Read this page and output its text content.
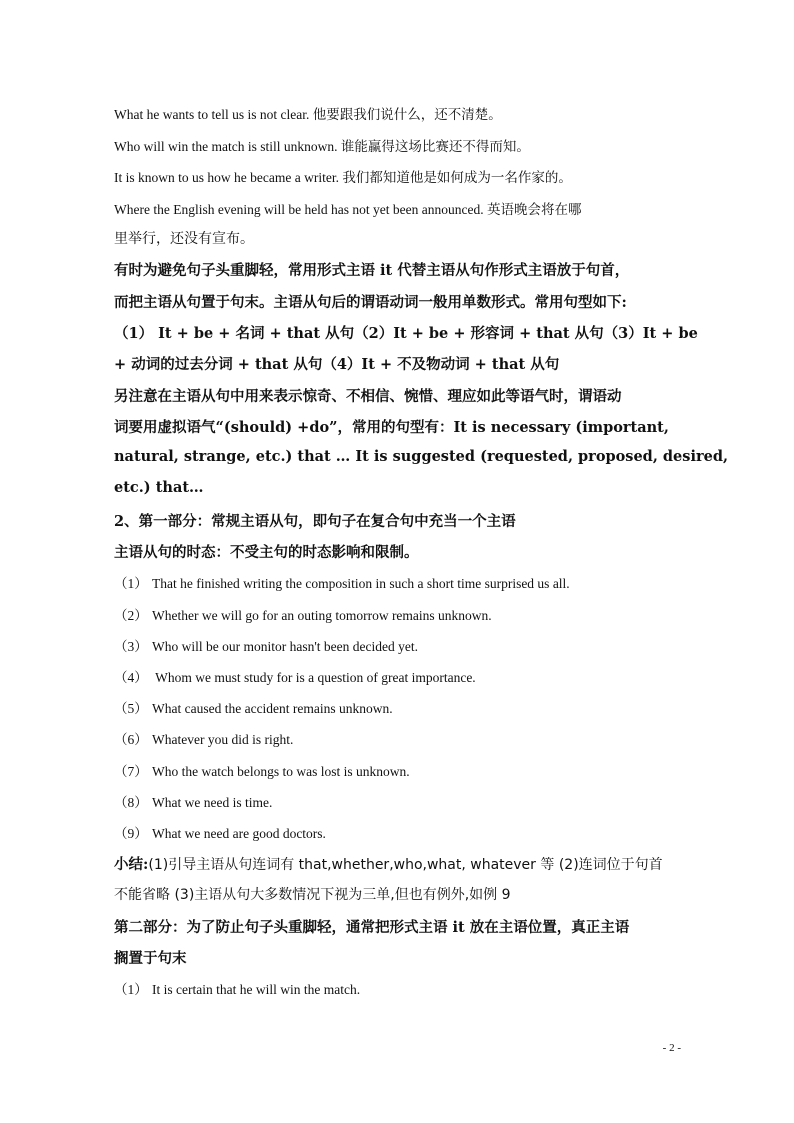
What he wants to tell us is not clear. 他要跟我们说什么，还不清楚。
Who will win the match is still unknown. 谁能赢得这场比赛还不得而知。
It is known to us how he became a writer. 我们都知道他是如何成为一名作家的。
Where the English evening will be held has not yet been announced. 英语晚会将在哪
里举行，还没有宣布。
有时为避免句子头重脚轻，常用形式主语 it 代替主语从句作形式主语放于句首，
而把主语从句置于句末。主语从句后的谓语动词一般用单数形式。常用句型如下:
（1） It + be + 名词 + that 从句（2）It + be + 形容词 + that 从句（3）It + be
+ 动词的过去分词 + that 从句（4）It + 不及物动词 + that 从句
另注意在主语从句中用来表示惊奇、不相信、惋惜、理应如此等语气时，谓语动
词要用虚拟语气“(should) +do”，常用的句型有：It is necessary (important,
natural, strange, etc.) that … It is suggested (requested, proposed, desired,
etc.) that…
2、第一部分：常规主语从句，即句子在复合句中充当一个主语
主语从句的时态：不受主句的时态影响和限制。
（1） That he finished writing the composition in such a short time surprised us all.
（2） Whether we will go for an outing tomorrow remains unknown.
（3） Who will be our monitor hasn't been decided yet.
（4） Whom we must study for is a question of great importance.
（5） What caused the accident remains unknown.
（6） Whatever you did is right.
（7） Who the watch belongs to was lost is unknown.
（8） What we need is time.
（9） What we need are good doctors.
小结:(1)引导主语从句连词有 that,whether,who,what, whatever 等 (2)连词位于句首
不能省略 (3)主语从句大多数情况下视为三单,但也有例外,如例 9
第二部分：为了防止句子头重脚轻，通常把形式主语 it 放在主语位置，真正主语
搁置于句末
（1） It is certain that he will win the match.
- 2 -
